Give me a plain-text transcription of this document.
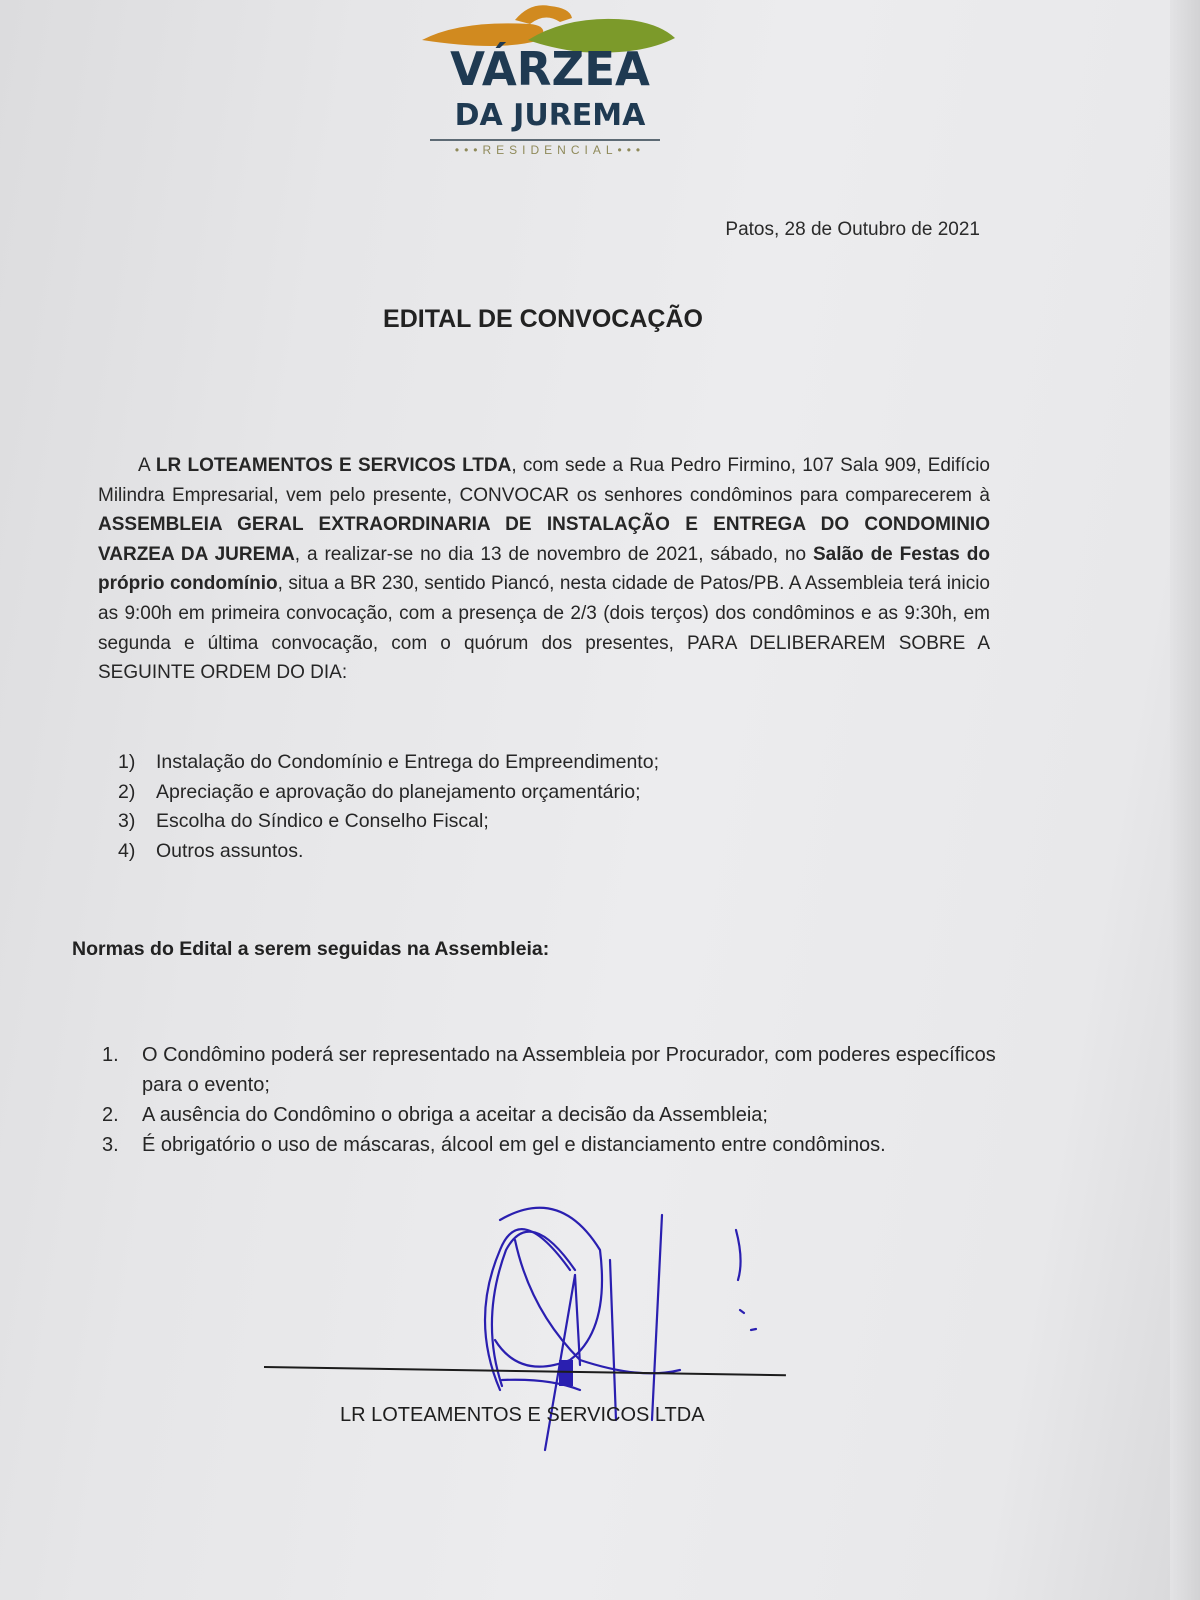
VÁRZEA
DA JUREMA
•••RESIDENCIAL•••
Patos, 28 de Outubro de 2021
EDITAL DE CONVOCAÇÃO
A LR LOTEAMENTOS E SERVICOS LTDA, com sede a Rua Pedro Firmino, 107 Sala 909, Edifício Milindra Empresarial, vem pelo presente, CONVOCAR os senhores condôminos para comparecerem à ASSEMBLEIA GERAL EXTRAORDINARIA DE INSTALAÇÃO E ENTREGA DO CONDOMINIO VARZEA DA JUREMA, a realizar-se no dia 13 de novembro de 2021, sábado, no Salão de Festas do próprio condomínio, situa a BR 230, sentido Piancó, nesta cidade de Patos/PB. A Assembleia terá inicio as 9:00h em primeira convocação, com a presença de 2/3 (dois terços) dos condôminos e as 9:30h, em segunda e última convocação, com o quórum dos presentes, PARA DELIBERAREM SOBRE A SEGUINTE ORDEM DO DIA:
1)	Instalação do Condomínio e Entrega do Empreendimento;
2)	Apreciação e aprovação do planejamento orçamentário;
3)	Escolha do Síndico e Conselho Fiscal;
4)	Outros assuntos.
Normas do Edital a serem seguidas na Assembleia:
1.	O Condômino poderá ser representado na Assembleia por Procurador, com poderes específicos para o evento;
2.	A ausência do Condômino o obriga a aceitar a decisão da Assembleia;
3.	É obrigatório o uso de máscaras, álcool em gel e distanciamento entre condôminos.
LR LOTEAMENTOS E SERVICOS LTDA
